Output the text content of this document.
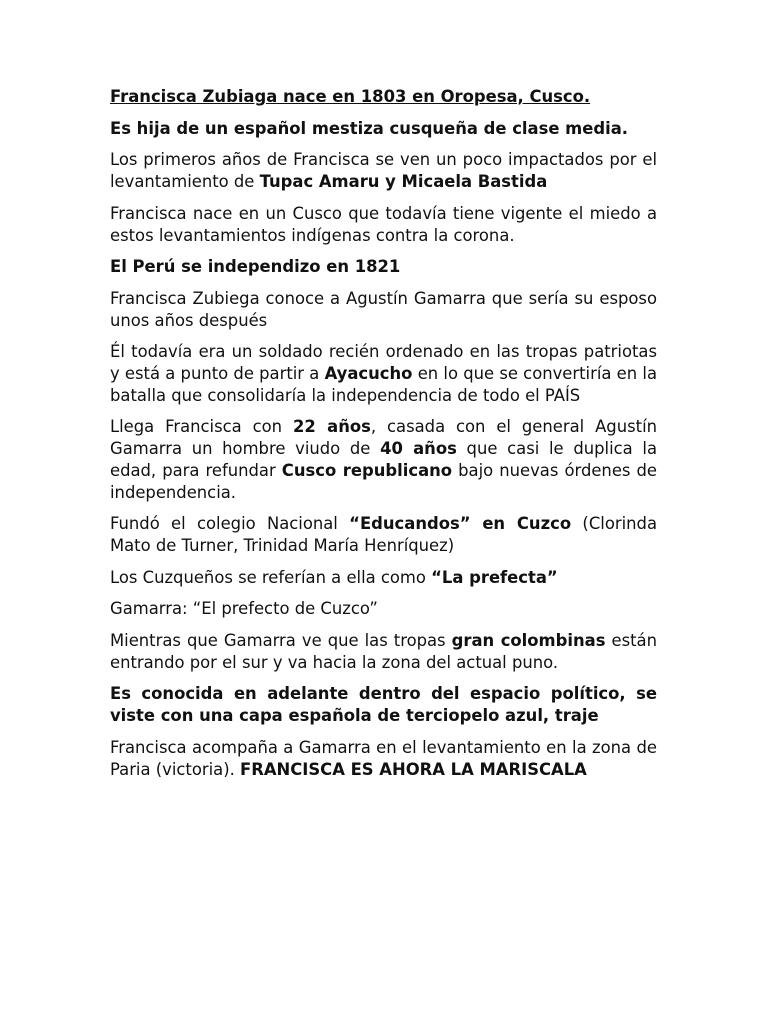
Francisca Zubiaga nace en 1803 en Oropesa, Cusco.

Es hija de un español mestiza cusqueña de clase media.

Los primeros años de Francisca se ven un poco impactados por el levantamiento de Tupac Amaru y Micaela Bastida

Francisca nace en un Cusco que todavía tiene vigente el miedo a estos levantamientos indígenas contra la corona.

El Perú se independizo en 1821

Francisca Zubiega conoce a Agustín Gamarra que sería su esposo unos años después

Él todavía era un soldado recién ordenado en las tropas patriotas y está a punto de partir a Ayacucho en lo que se convertiría en la batalla que consolidaría la independencia de todo el PAÍS

Llega Francisca con 22 años, casada con el general Agustín Gamarra un hombre viudo de 40 años que casi le duplica la edad, para refundar Cusco republicano bajo nuevas órdenes de independencia.

Fundó el colegio Nacional “Educandos” en Cuzco (Clorinda Mato de Turner, Trinidad María Henríquez)

Los Cuzqueños se referían a ella como “La prefecta”

Gamarra: “El prefecto de Cuzco”

Mientras que Gamarra ve que las tropas gran colombinas están entrando por el sur y va hacia la zona del actual puno.

Es conocida en adelante dentro del espacio político, se viste con una capa española de terciopelo azul, traje

Francisca acompaña a Gamarra en el levantamiento en la zona de Paria (victoria). FRANCISCA ES AHORA LA MARISCALA
